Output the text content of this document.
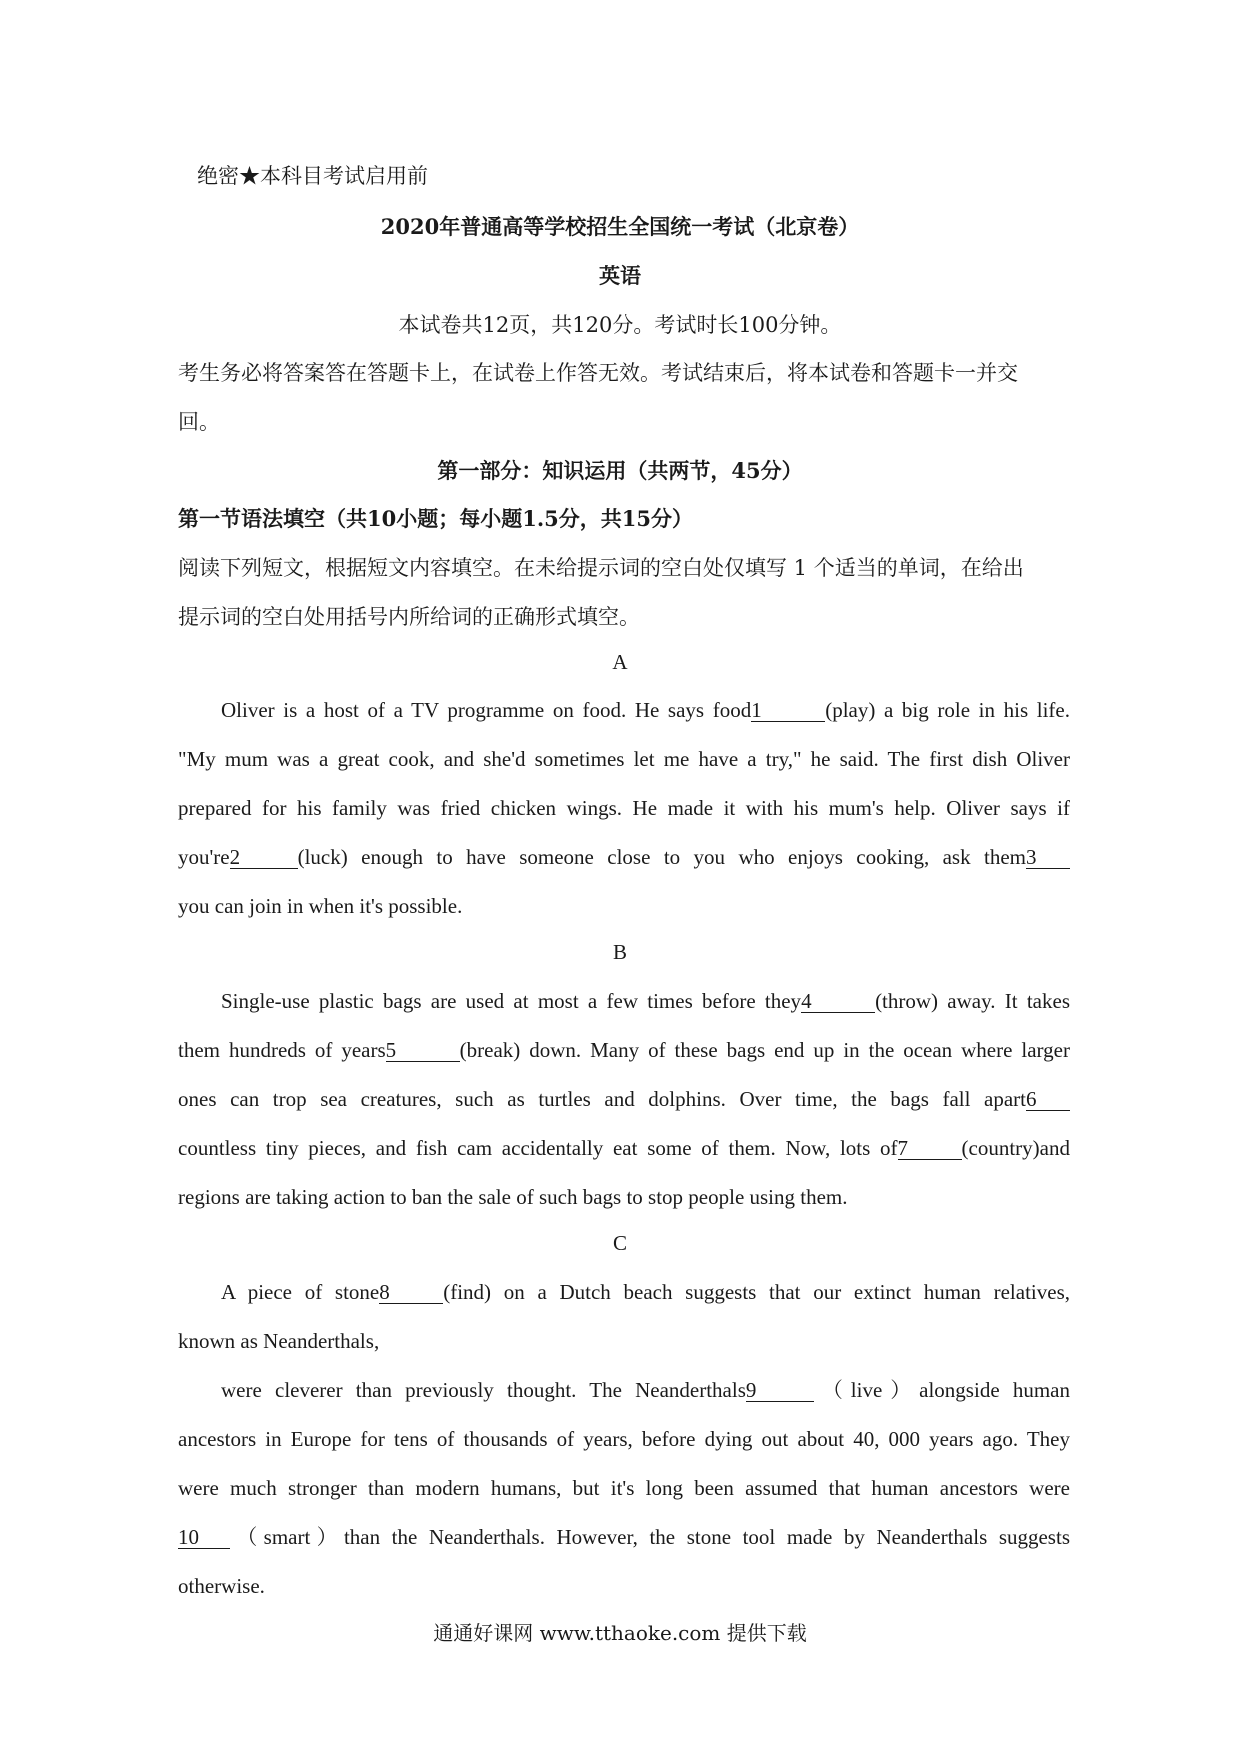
绝密★本科目考试启用前
2020年普通高等学校招生全国统一考试（北京卷）
英语
本试卷共12页，共120分。考试时长100分钟。
考生务必将答案答在答题卡上，在试卷上作答无效。考试结束后，将本试卷和答题卡一并交
回。
第一部分：知识运用（共两节，45分）
第一节语法填空（共10小题；每小题1.5分，共15分）
阅读下列短文，根据短文内容填空。在未给提示词的空白处仅填写 1 个适当的单词，在给出
提示词的空白处用括号内所给词的正确形式填空。
A
Oliver is a host of a TV programme on food. He says food1	(play) a big role in his life.
"My mum was a great cook, and she'd sometimes let me have a try," he said. The first dish Oliver
prepared for his family was fried chicken wings. He made it with his mum's help. Oliver says if
you're2	(luck) enough to have someone close to you who enjoys cooking, ask them3
you can join in when it's possible.
B
Single-use plastic bags are used at most a few times before they4	(throw) away. It takes
them hundreds of years5	(break) down. Many of these bags end up in the ocean where larger
ones can trop sea creatures, such as turtles and dolphins. Over time, the bags fall apart6
countless tiny pieces, and fish cam accidentally eat some of them. Now, lots of7	(country)and
regions are taking action to ban the sale of such bags to stop people using them.
C
A piece of stone8	(find) on a Dutch beach suggests that our extinct human relatives,
known as Neanderthals,
were cleverer than previously thought. The Neanderthals9	（live）alongside human
ancestors in Europe for tens of thousands of years, before dying out about 40, 000 years ago. They
were much stronger than modern humans, but it's long been assumed that human ancestors were
10 （smart）than the Neanderthals. However, the stone tool made by Neanderthals suggests
otherwise.
通通好课网 www.tthaoke.com 提供下载
